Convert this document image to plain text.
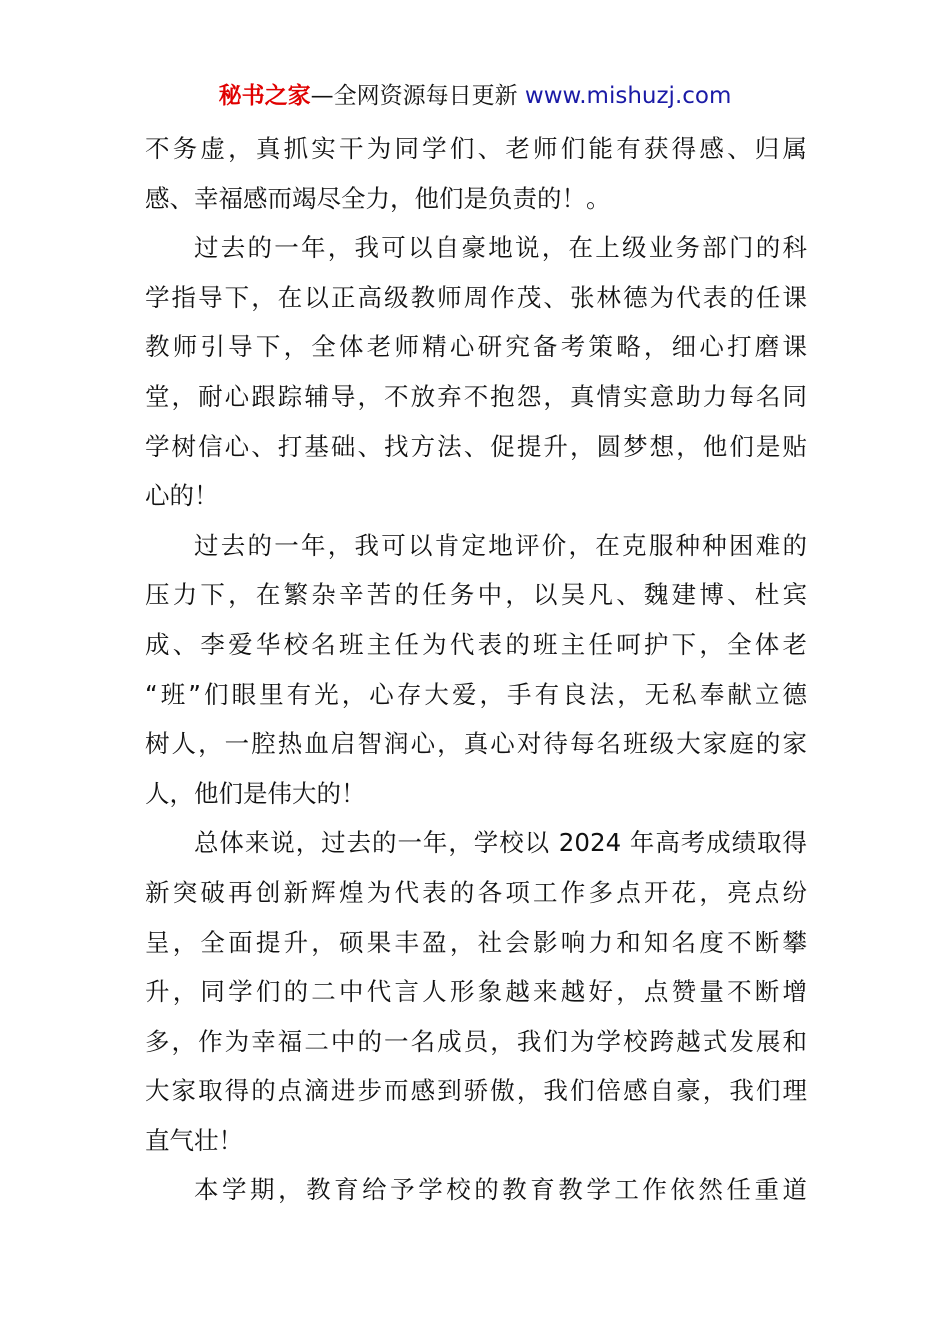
秘书之家—全网资源每日更新 www.mishuzj.com
不务虚，真抓实干为同学们、老师们能有获得感、归属
感、幸福感而竭尽全力，他们是负责的！。
过去的一年，我可以自豪地说，在上级业务部门的科
学指导下，在以正高级教师周作茂、张林德为代表的任课
教师引导下，全体老师精心研究备考策略，细心打磨课
堂，耐心跟踪辅导，不放弃不抱怨，真情实意助力每名同
学树信心、打基础、找方法、促提升，圆梦想，他们是贴
心的！
过去的一年，我可以肯定地评价，在克服种种困难的
压力下，在繁杂辛苦的任务中，以吴凡、魏建博、杜宾
成、李爱华校名班主任为代表的班主任呵护下，全体老
“班”们眼里有光，心存大爱，手有良法，无私奉献立德
树人，一腔热血启智润心，真心对待每名班级大家庭的家
人，他们是伟大的！
总体来说，过去的一年，学校以 2024 年高考成绩取得
新突破再创新辉煌为代表的各项工作多点开花，亮点纷
呈，全面提升，硕果丰盈，社会影响力和知名度不断攀
升，同学们的二中代言人形象越来越好，点赞量不断增
多，作为幸福二中的一名成员，我们为学校跨越式发展和
大家取得的点滴进步而感到骄傲，我们倍感自豪，我们理
直气壮！
本学期，教育给予学校的教育教学工作依然任重道
